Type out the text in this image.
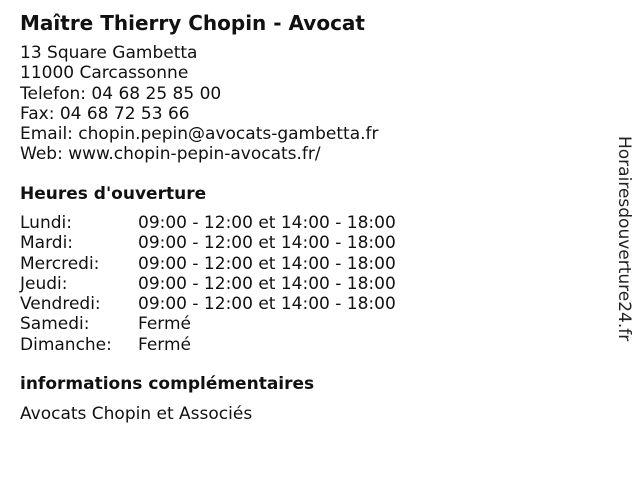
Maître Thierry Chopin - Avocat
13 Square Gambetta
11000 Carcassonne
Telefon: 04 68 25 85 00
Fax: 04 68 72 53 66
Email: chopin.pepin@avocats-gambetta.fr
Web: www.chopin-pepin-avocats.fr/
Heures d'ouverture
Lundi:	09:00 - 12:00 et 14:00 - 18:00
Mardi:	09:00 - 12:00 et 14:00 - 18:00
Mercredi:	09:00 - 12:00 et 14:00 - 18:00
Jeudi:	09:00 - 12:00 et 14:00 - 18:00
Vendredi:	09:00 - 12:00 et 14:00 - 18:00
Samedi:	Fermé
Dimanche:	Fermé
informations complémentaires
Avocats Chopin et Associés
Horairesdouverture24.fr
